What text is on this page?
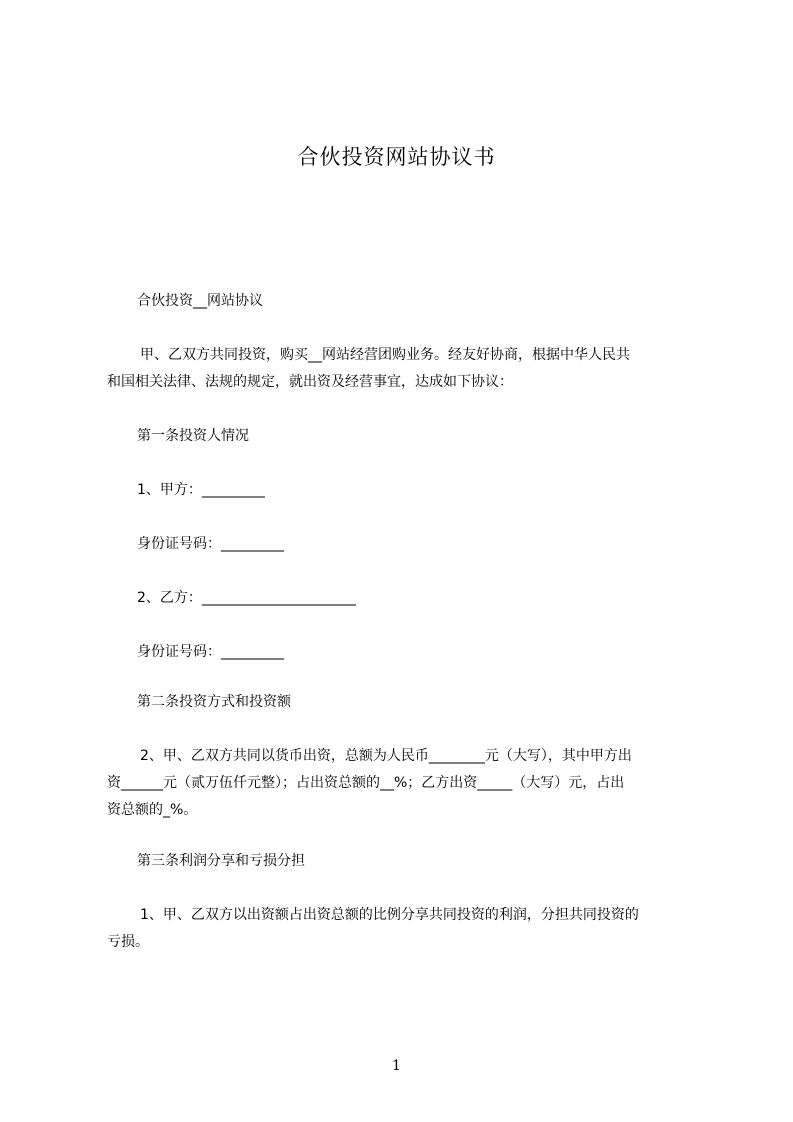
合伙投资网站协议书
合伙投资__网站协议
甲、乙双方共同投资，购买__网站经营团购业务。经友好协商，根据中华人民共
和国相关法律、法规的规定，就出资及经营事宜，达成如下协议：
第一条投资人情况
1、甲方：_________
身份证号码：_________
2、乙方：______________________
身份证号码：_________
第二条投资方式和投资额
2、甲、乙双方共同以货币出资，总额为人民币________元（大写），其中甲方出
资______元（贰万伍仟元整）；占出资总额的__%；乙方出资_____（大写）元，占出
资总额的_%。
第三条利润分享和亏损分担
1、甲、乙双方以出资额占出资总额的比例分享共同投资的利润，分担共同投资的
亏损。
1
